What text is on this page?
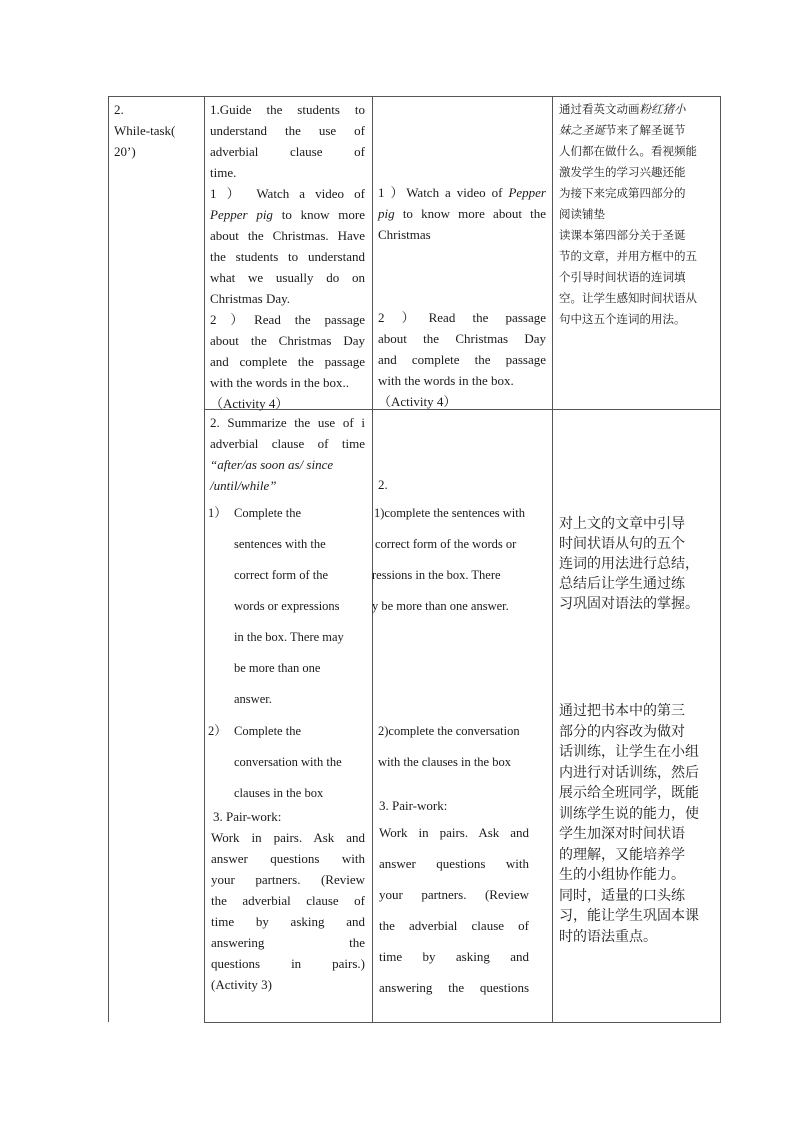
2.
While-task(
20’)
1.Guide the students to
understand the use of
adverbial clause of
time.
1 ） Watch a video of
Pepper pig to know more
about the Christmas. Have
the students to understand
what we usually do on
Christmas Day.
2 ）Read the passage
about the Christmas Day
and complete the passage
with the words in the box..
（Activity 4）
1 ）Watch a video of Pepper
pig to know more about the
Christmas
2 ）Read the passage
about the Christmas Day
and complete the passage
with the words in the box.
（Activity 4）
通过看英文动画粉红猪小
妹之圣诞节来了解圣诞节
人们都在做什么。看视频能
激发学生的学习兴趣还能
为接下来完成第四部分的
阅读铺垫
读课本第四部分关于圣诞
节的文章，并用方框中的五
个引导时间状语的连词填
空。让学生感知时间状语从
句中这五个连词的用法。
2. Summarize the use of i
adverbial clause of time
“after/as soon as/ since
/until/while”
1） Complete the
sentences with the
correct form of the
words or expressions
in the box. There may
be more than one
answer.
2） Complete the
conversation with the
clauses in the box
3. Pair-work:
Work in pairs. Ask and
answer questions with
your partners. (Review
the adverbial clause of
time by asking and
answering the
questions in pairs.)
(Activity 3)
2.
1)complete the sentences with
correct form of the words or
ressions in the box. There
y be more than one answer.
2)complete the conversation
with the clauses in the box
3. Pair-work:
Work in pairs. Ask and
answer questions with
your partners. (Review
the adverbial clause of
time by asking and
answering the questions
对上文的文章中引导
时间状语从句的五个
连词的用法进行总结，
总结后让学生通过练
习巩固对语法的掌握。
通过把书本中的第三
部分的内容改为做对
话训练，让学生在小组
内进行对话训练，然后
展示给全班同学，既能
训练学生说的能力，使
学生加深对时间状语
的理解，又能培养学
生的小组协作能力。
同时，适量的口头练
习，能让学生巩固本课
时的语法重点。
